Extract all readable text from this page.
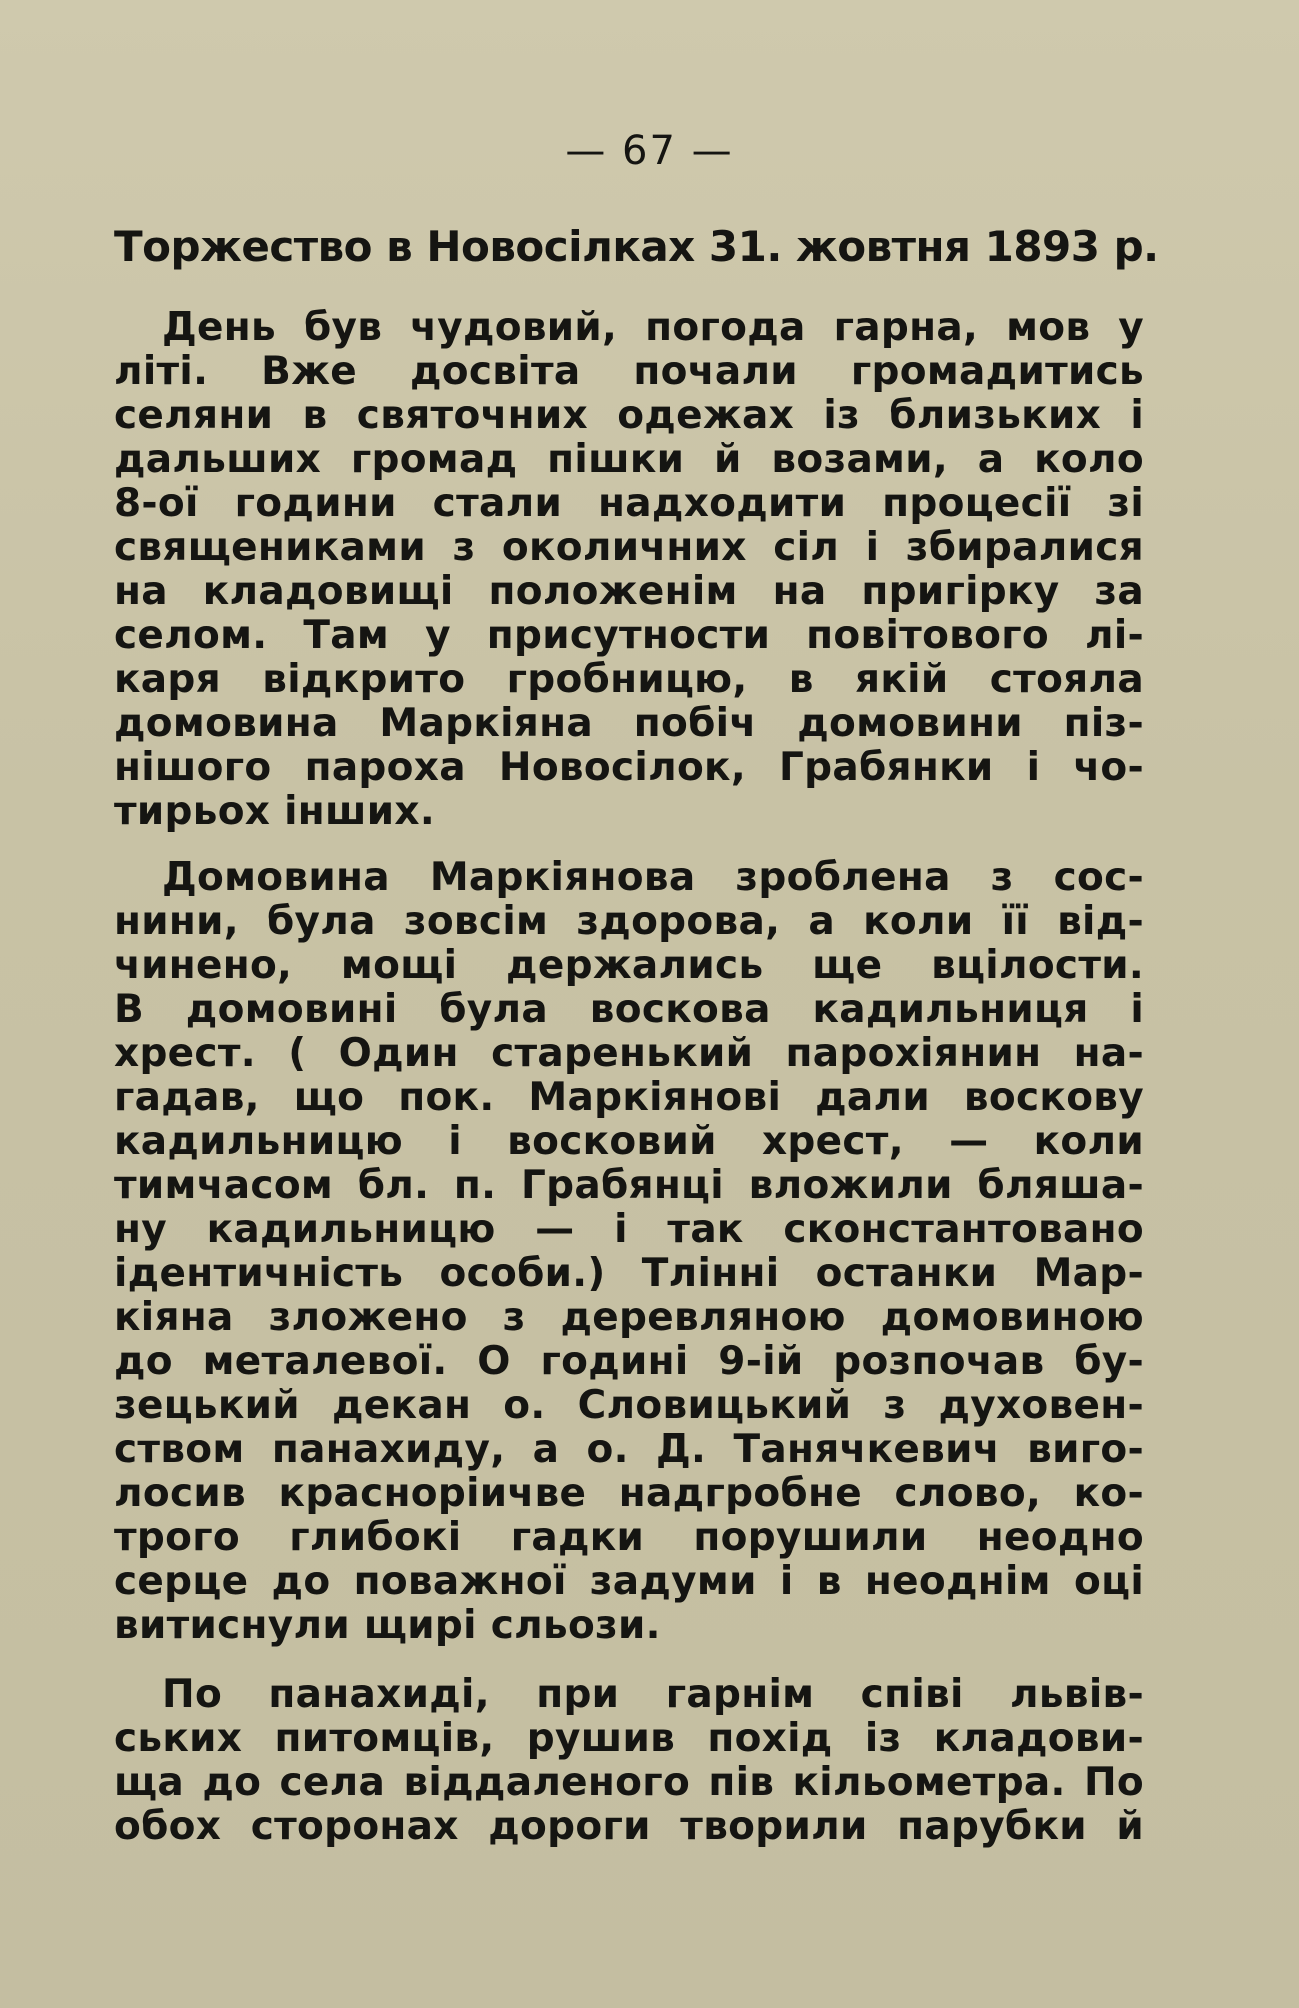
— 67 —
Торжество в Новосілках 31. жовтня 1893 р.
День був чудовий, погода гарна, мов у
літі. Вже досвіта почали громадитись
селяни в святочних одежах із близьких і
дальших громад пішки й возами, а коло
8-ої години стали надходити процесії зі
священиками з околичних сіл і збиралися
на кладовищі положенім на пригірку за
селом. Там у присутности повітового лі-
каря відкрито гробницю, в якій стояла
домовина Маркіяна побіч домовини піз-
нішого пароха Новосілок, Грабянки і чо-
тирьох інших.
Домовина Маркіянова зроблена з сос-
нини, була зовсім здорова, а коли її від-
чинено, мощі держались ще вцілости.
В домовині була воскова кадильниця і
хрест. ( Один старенький парохіянин на-
гадав, що пок. Маркіянові дали воскову
кадильницю і восковий хрест, — коли
тимчасом бл. п. Грабянці вложили бляша-
ну кадильницю — і так сконстантовано
ідентичність особи.) Тлінні останки Мар-
кіяна зложено з деревляною домовиною
до металевої. О годині 9-ій розпочав бу-
зецький декан о. Словицький з духовен-
ством панахиду, а о. Д. Танячкевич виго-
лосив красноріичве надгробне слово, ко-
трого глибокі гадки порушили неодно
серце до поважної задуми і в неоднім оці
витиснули щирі сльози.
По панахиді, при гарнім співі львів-
ських питомців, рушив похід із кладови-
ща до села віддаленого пів кільометра. По
обох сторонах дороги творили парубки й
